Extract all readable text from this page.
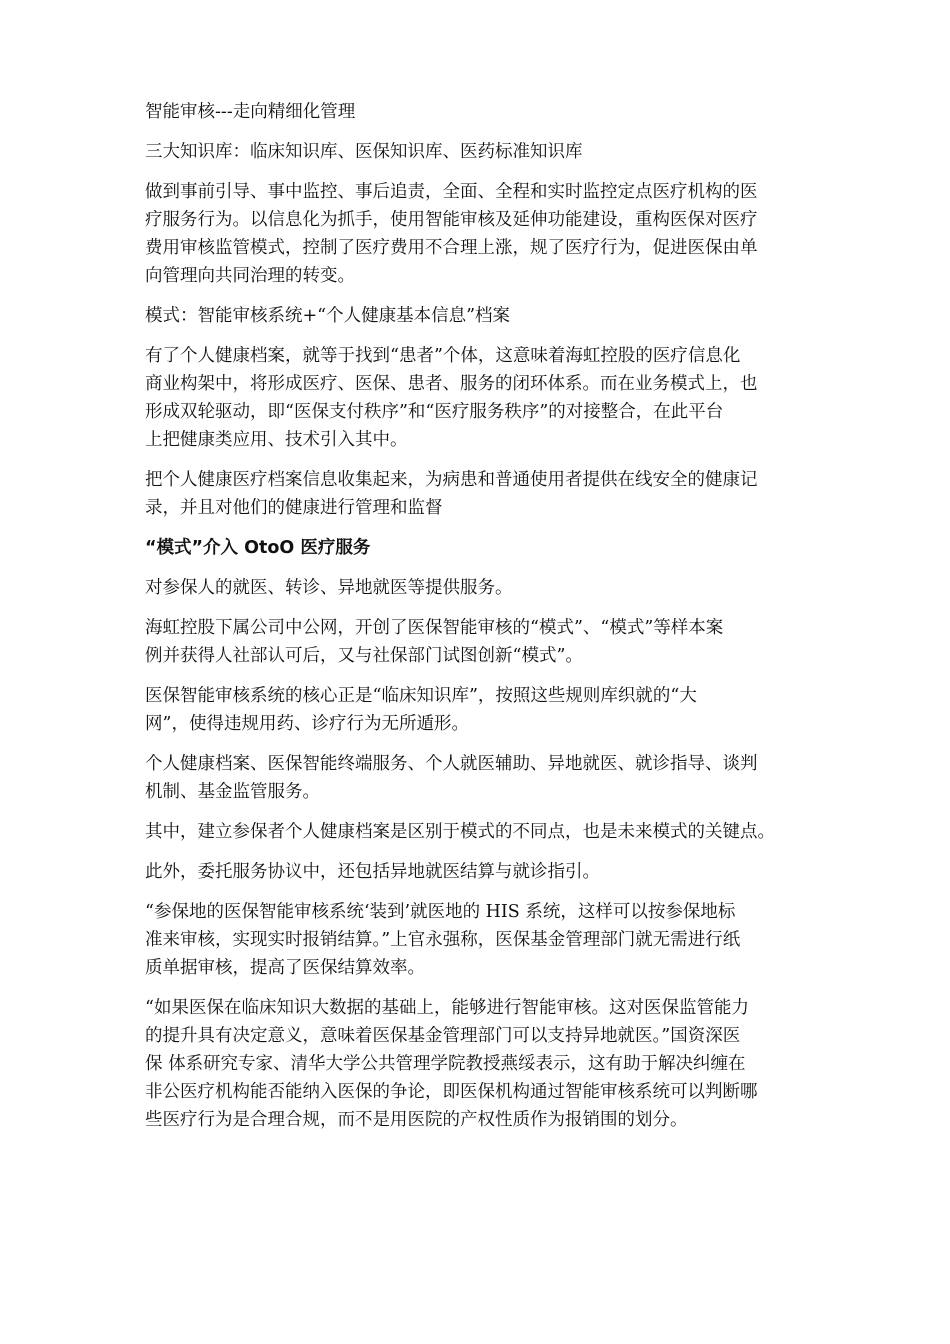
智能审核---走向精细化管理

三大知识库：临床知识库、医保知识库、医药标准知识库

做到事前引导、事中监控、事后追责，全面、全程和实时监控定点医疗机构的医
疗服务行为。以信息化为抓手，使用智能审核及延伸功能建设，重构医保对医疗
费用审核监管模式，控制了医疗费用不合理上涨，规了医疗行为，促进医保由单
向管理向共同治理的转变。

模式：智能审核系统+“个人健康基本信息”档案

有了个人健康档案，就等于找到“患者”个体，这意味着海虹控股的医疗信息化
商业构架中，将形成医疗、医保、患者、服务的闭环体系。而在业务模式上，也
形成双轮驱动，即“医保支付秩序”和“医疗服务秩序”的对接整合，在此平台
上把健康类应用、技术引入其中。

把个人健康医疗档案信息收集起来，为病患和普通使用者提供在线安全的健康记
录，并且对他们的健康进行管理和监督

“模式”介入 OtoO 医疗服务

对参保人的就医、转诊、异地就医等提供服务。

海虹控股下属公司中公网，开创了医保智能审核的“模式”、“模式”等样本案
例并获得人社部认可后，又与社保部门试图创新“模式”。

医保智能审核系统的核心正是“临床知识库”，按照这些规则库织就的“大
网”，使得违规用药、诊疗行为无所遁形。

个人健康档案、医保智能终端服务、个人就医辅助、异地就医、就诊指导、谈判
机制、基金监管服务。

其中，建立参保者个人健康档案是区别于模式的不同点，也是未来模式的关键点。

此外，委托服务协议中，还包括异地就医结算与就诊指引。

“参保地的医保智能审核系统‘装到’就医地的 HIS 系统，这样可以按参保地标
准来审核，实现实时报销结算。”上官永强称，医保基金管理部门就无需进行纸
质单据审核，提高了医保结算效率。

“如果医保在临床知识大数据的基础上，能够进行智能审核。这对医保监管能力
的提升具有决定意义，意味着医保基金管理部门可以支持异地就医。”国资深医
保 体系研究专家、清华大学公共管理学院教授燕绥表示，这有助于解决纠缠在
非公医疗机构能否能纳入医保的争论，即医保机构通过智能审核系统可以判断哪
些医疗行为是合理合规，而不是用医院的产权性质作为报销围的划分。
